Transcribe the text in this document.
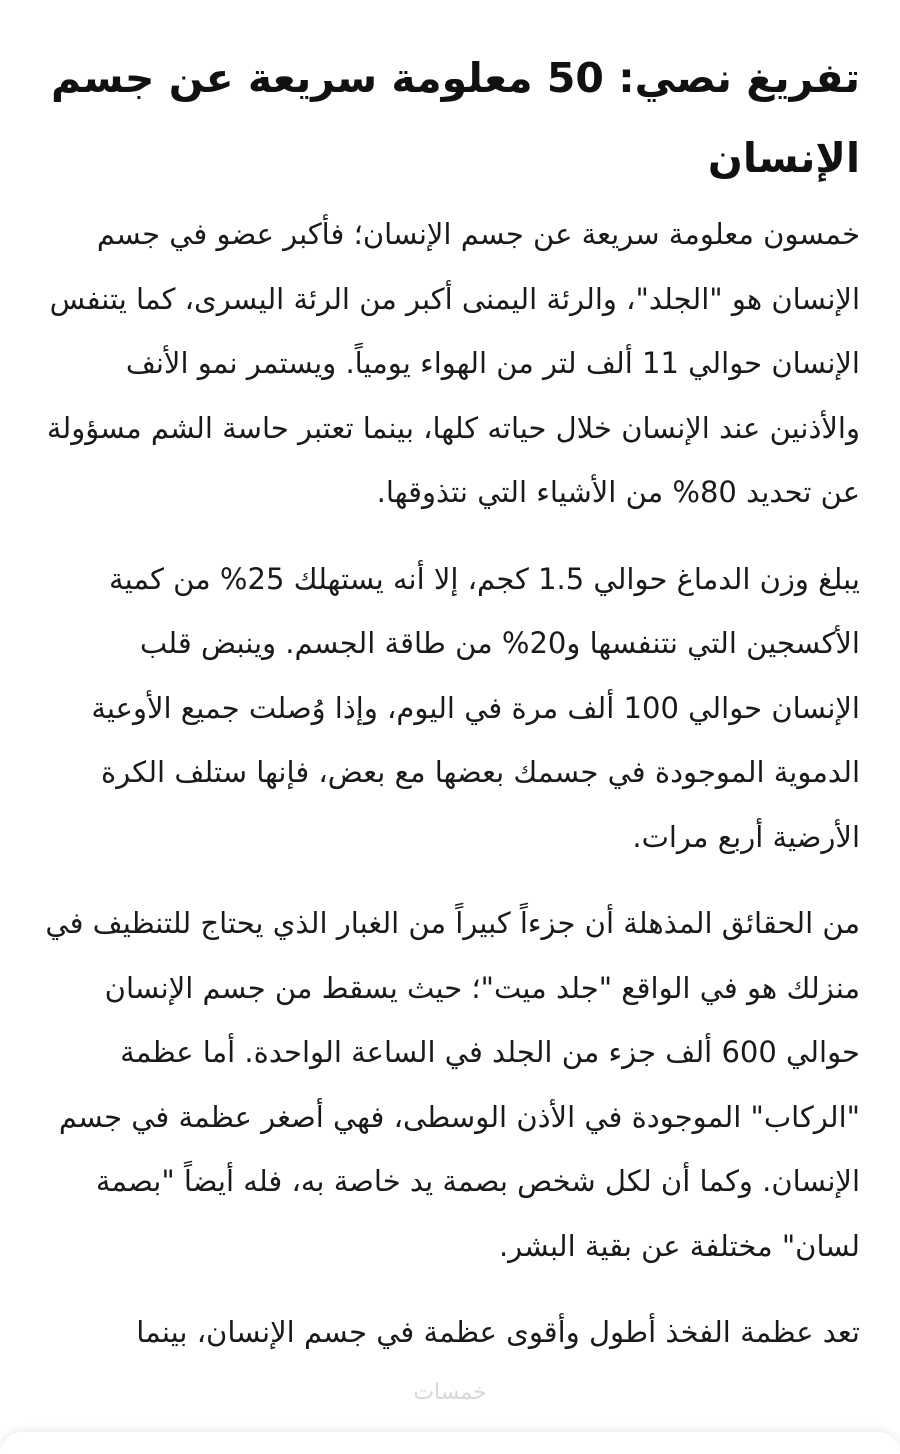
تفريغ نصي: 50 معلومة سريعة عن جسم الإنسان

خمسون معلومة سريعة عن جسم الإنسان؛ فأكبر عضو في جسم الإنسان هو "الجلد"، والرئة اليمنى أكبر من الرئة اليسرى، كما يتنفس الإنسان حوالي 11 ألف لتر من الهواء يومياً. ويستمر نمو الأنف والأذنين عند الإنسان خلال حياته كلها، بينما تعتبر حاسة الشم مسؤولة عن تحديد 80% من الأشياء التي نتذوقها.

يبلغ وزن الدماغ حوالي 1.5 كجم، إلا أنه يستهلك 25% من كمية الأكسجين التي نتنفسها و20% من طاقة الجسم. وينبض قلب الإنسان حوالي 100 ألف مرة في اليوم، وإذا وُصلت جميع الأوعية الدموية الموجودة في جسمك بعضها مع بعض، فإنها ستلف الكرة الأرضية أربع مرات.

من الحقائق المذهلة أن جزءاً كبيراً من الغبار الذي يحتاج للتنظيف في منزلك هو في الواقع "جلد ميت"؛ حيث يسقط من جسم الإنسان حوالي 600 ألف جزء من الجلد في الساعة الواحدة. أما عظمة "الركاب" الموجودة في الأذن الوسطى، فهي أصغر عظمة في جسم الإنسان. وكما أن لكل شخص بصمة يد خاصة به، فله أيضاً "بصمة لسان" مختلفة عن بقية البشر.

تعد عظمة الفخذ أطول وأقوى عظمة في جسم الإنسان، بينما

خمسات
